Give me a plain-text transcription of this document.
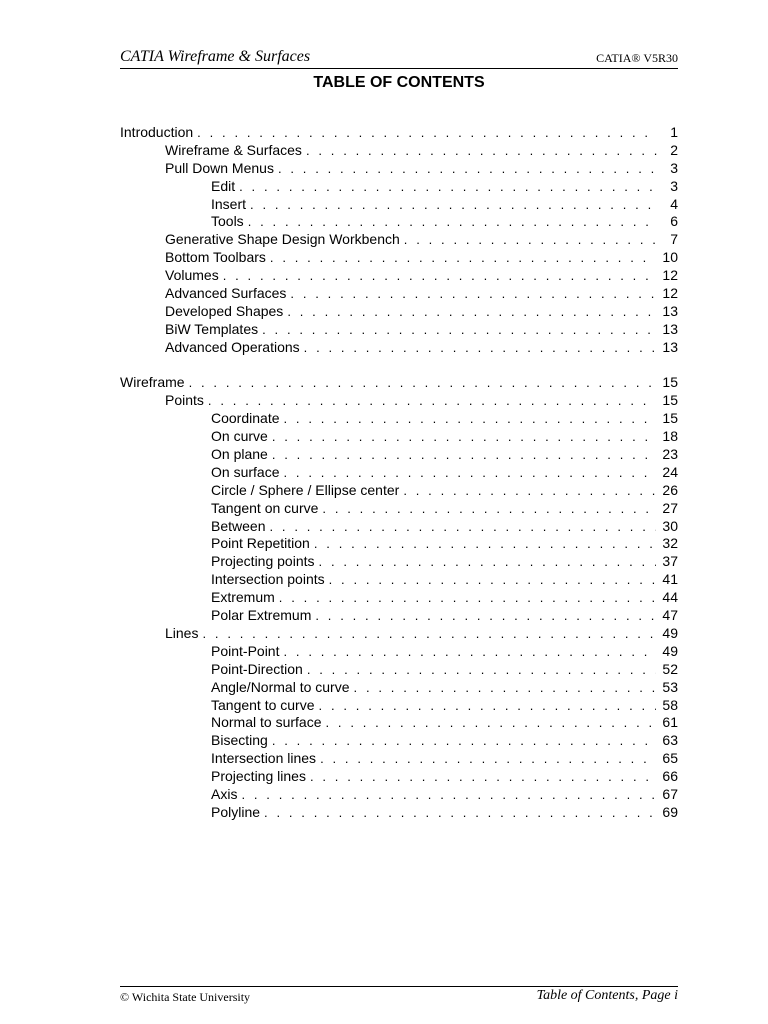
CATIA Wireframe & Surfaces	CATIA® V5R30
TABLE OF CONTENTS
Introduction . . .	1
Wireframe & Surfaces . . .	2
Pull Down Menus . . .	3
Edit . . .	3
Insert . . .	4
Tools . . .	6
Generative Shape Design Workbench . . .	7
Bottom Toolbars . . .	10
Volumes . . .	12
Advanced Surfaces . . .	12
Developed Shapes . . .	13
BiW Templates . . .	13
Advanced Operations . . .	13
Wireframe . . .	15
Points . . .	15
Coordinate . . .	15
On curve . . .	18
On plane . . .	23
On surface . . .	24
Circle / Sphere / Ellipse center . . .	26
Tangent on curve . . .	27
Between . . .	30
Point Repetition . . .	32
Projecting points . . .	37
Intersection points . . .	41
Extremum . . .	44
Polar Extremum . . .	47
Lines . . .	49
Point-Point . . .	49
Point-Direction . . .	52
Angle/Normal to curve . . .	53
Tangent to curve . . .	58
Normal to surface . . .	61
Bisecting . . .	63
Intersection lines . . .	65
Projecting lines . . .	66
Axis . . .	67
Polyline . . .	69
© Wichita State University	Table of Contents, Page i
